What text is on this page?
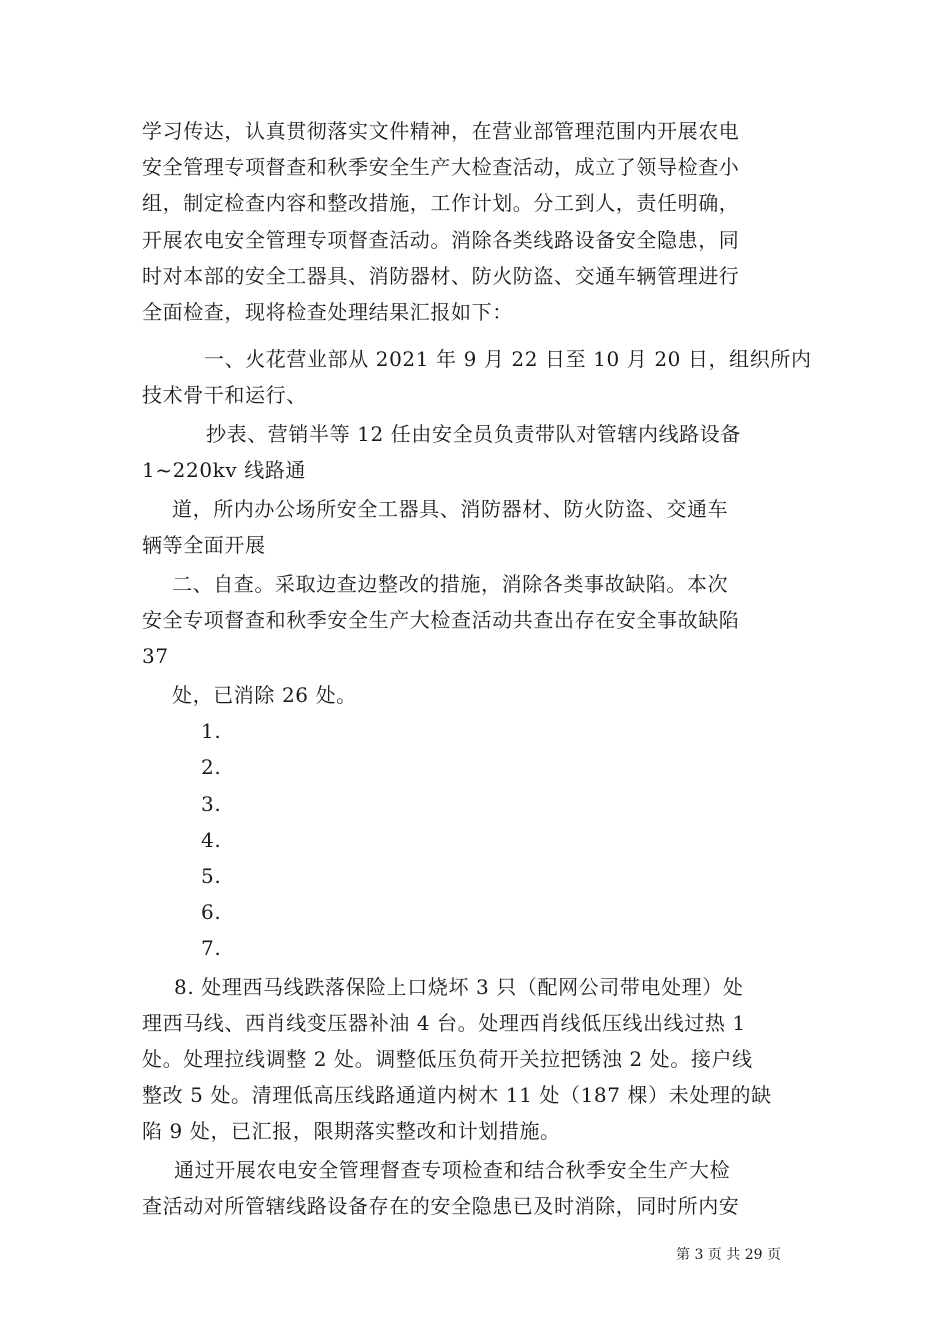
学习传达，认真贯彻落实文件精神，在营业部管理范围内开展农电
安全管理专项督查和秋季安全生产大检查活动，成立了领导检查小
组，制定检查内容和整改措施，工作计划。分工到人，责任明确，
开展农电安全管理专项督查活动。消除各类线路设备安全隐患，同
时对本部的安全工器具、消防器材、防火防盗、交通车辆管理进行
全面检查，现将检查处理结果汇报如下：
一、火花营业部从 2021 年 9 月 22 日至 10 月 20 日，组织所内
技术骨干和运行、
抄表、营销半等 12 任由安全员负责带队对管辖内线路设备
1~220kv 线路通
道，所内办公场所安全工器具、消防器材、防火防盗、交通车
辆等全面开展
二、自查。采取边查边整改的措施，消除各类事故缺陷。本次
安全专项督查和秋季安全生产大检查活动共查出存在安全事故缺陷
37
处，已消除 26 处。
1.
2.
3.
4.
5.
6.
7.
8. 处理西马线跌落保险上口烧坏 3 只（配网公司带电处理）处
理西马线、西肖线变压器补油 4 台。处理西肖线低压线出线过热 1
处。处理拉线调整 2 处。调整低压负荷开关拉把锈浊 2 处。接户线
整改 5 处。清理低高压线路通道内树木 11 处（187 棵）未处理的缺
陷 9 处，已汇报，限期落实整改和计划措施。
通过开展农电安全管理督查专项检查和结合秋季安全生产大检
查活动对所管辖线路设备存在的安全隐患已及时消除，同时所内安
第 3 页 共 29 页
